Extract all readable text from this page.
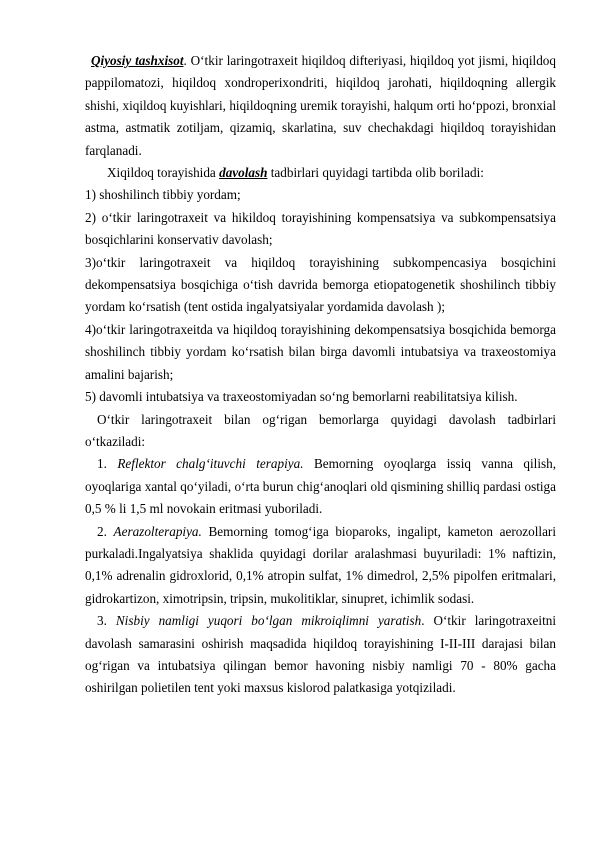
Qiyosiy tashxisot. O‘tkir laringotraxeit hiqildoq difteriyasi, hiqildoq yot jismi, hiqildoq pappilomatozi, hiqildoq xondroperixondriti, hiqildoq jarohati, hiqildoqning allergik shishi, xiqildoq kuyishlari, hiqildoqning uremik torayishi, halqum orti ho‘ppozi, bronxial astma, astmatik zotiljam, qizamiq, skarlatina, suv chechakdagi hiqildoq torayishidan farqlanadi.

Xiqildoq torayishida davolash tadbirlari quyidagi tartibda olib boriladi:

1) shoshilinch tibbiy yordam;

2) o‘tkir laringotraxeit va hikildoq torayishining kompensatsiya va subkompensatsiya bosqichlarini konservativ davolash;

3)o‘tkir laringotraxeit va hiqildoq torayishining subkompencasiya bosqichini dekompensatsiya bosqichiga o‘tish davrida bemorga etiopatogenetik shoshilinch tibbiy yordam ko‘rsatish (tent ostida ingalyatsiyalar yordamida davolash );

4)o‘tkir laringotraxeitda va hiqildoq torayishining dekompensatsiya bosqichida bemorga shoshilinch tibbiy yordam ko‘rsatish bilan birga davomli intubatsiya va traxeostomiya amalini bajarish;

5) davomli intubatsiya va traxeostomiyadan so‘ng bemorlarni reabilitatsiya kilish.

O‘tkir laringotraxeit bilan og‘rigan bemorlarga quyidagi davolash tadbirlari o‘tkaziladi:

1. Reflektor chalg‘ituvchi terapiya. Bemorning oyoqlarga issiq vanna qilish, oyoqlariga xantal qo‘yiladi, o‘rta burun chig‘anoqlari old qismining shilliq pardasi ostiga 0,5 % li 1,5 ml novokain eritmasi yuboriladi.

2. Aerazolterapiya. Bemorning tomog‘iga bioparoks, ingalipt, kameton aerozollari purkaladi.Ingalyatsiya shaklida quyidagi dorilar aralashmasi buyuriladi: 1% naftizin, 0,1% adrenalin gidroxlorid, 0,1% atropin sulfat, 1% dimedrol, 2,5% pipolfen eritmalari, gidrokartizon, ximotripsin, tripsin, mukolitiklar, sinupret, ichimlik sodasi.

3. Nisbiy namligi yuqori bo‘lgan mikroiqlimni yaratish. O‘tkir laringotraxeitni davolash samarasini oshirish maqsadida hiqildoq torayishining I-II-III darajasi bilan og‘rigan va intubatsiya qilingan bemor havoning nisbiy namligi 70 - 80% gacha oshirilgan polietilen tent yoki maxsus kislorod palatkasiga yotqiziladi.
